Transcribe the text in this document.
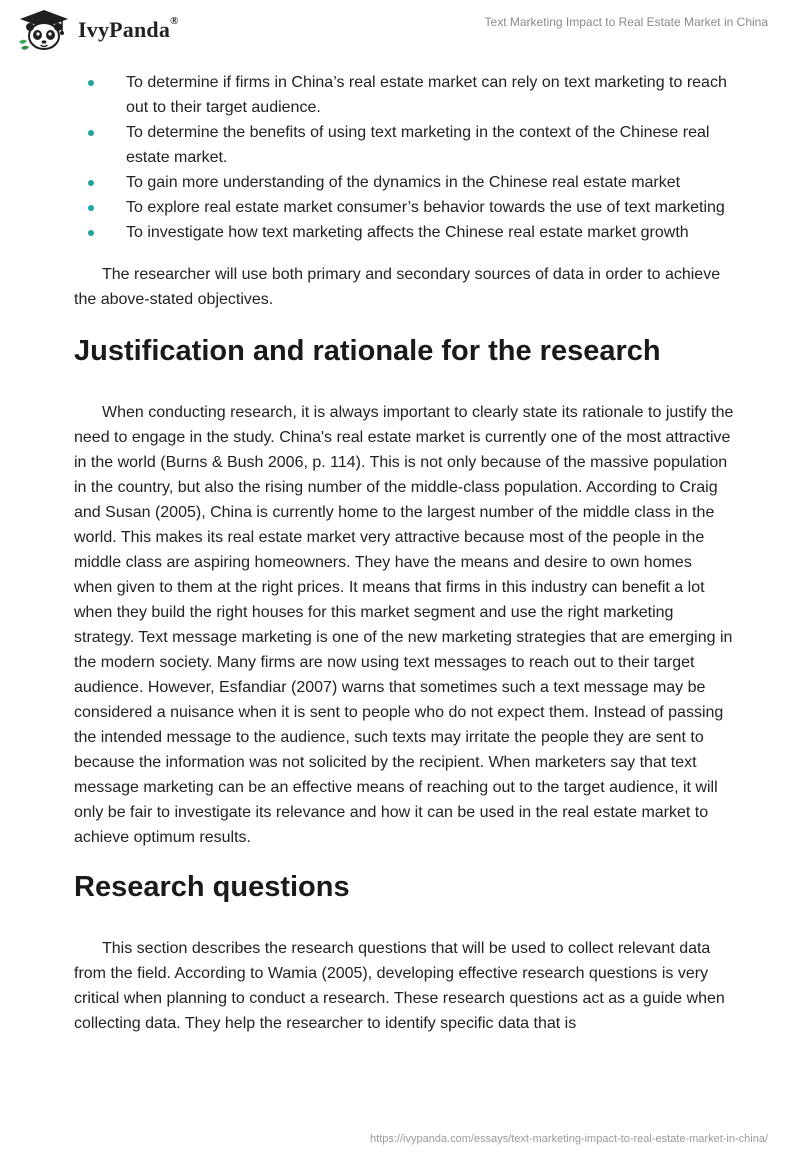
IvyPanda®	Text Marketing Impact to Real Estate Market in China
To determine if firms in China’s real estate market can rely on text marketing to reach out to their target audience.
To determine the benefits of using text marketing in the context of the Chinese real estate market.
To gain more understanding of the dynamics in the Chinese real estate market
To explore real estate market consumer’s behavior towards the use of text marketing
To investigate how text marketing affects the Chinese real estate market growth

The researcher will use both primary and secondary sources of data in order to achieve the above-stated objectives.

Justification and rationale for the research

When conducting research, it is always important to clearly state its rationale to justify the need to engage in the study. China's real estate market is currently one of the most attractive in the world (Burns & Bush 2006, p. 114). This is not only because of the massive population in the country, but also the rising number of the middle-class population. According to Craig and Susan (2005), China is currently home to the largest number of the middle class in the world. This makes its real estate market very attractive because most of the people in the middle class are aspiring homeowners. They have the means and desire to own homes when given to them at the right prices. It means that firms in this industry can benefit a lot when they build the right houses for this market segment and use the right marketing strategy. Text message marketing is one of the new marketing strategies that are emerging in the modern society. Many firms are now using text messages to reach out to their target audience. However, Esfandiar (2007) warns that sometimes such a text message may be considered a nuisance when it is sent to people who do not expect them. Instead of passing the intended message to the audience, such texts may irritate the people they are sent to because the information was not solicited by the recipient. When marketers say that text message marketing can be an effective means of reaching out to the target audience, it will only be fair to investigate its relevance and how it can be used in the real estate market to achieve optimum results.

Research questions

This section describes the research questions that will be used to collect relevant data from the field. According to Wamia (2005), developing effective research questions is very critical when planning to conduct a research. These research questions act as a guide when collecting data. They help the researcher to identify specific data that is

https://ivypanda.com/essays/text-marketing-impact-to-real-estate-market-in-china/
